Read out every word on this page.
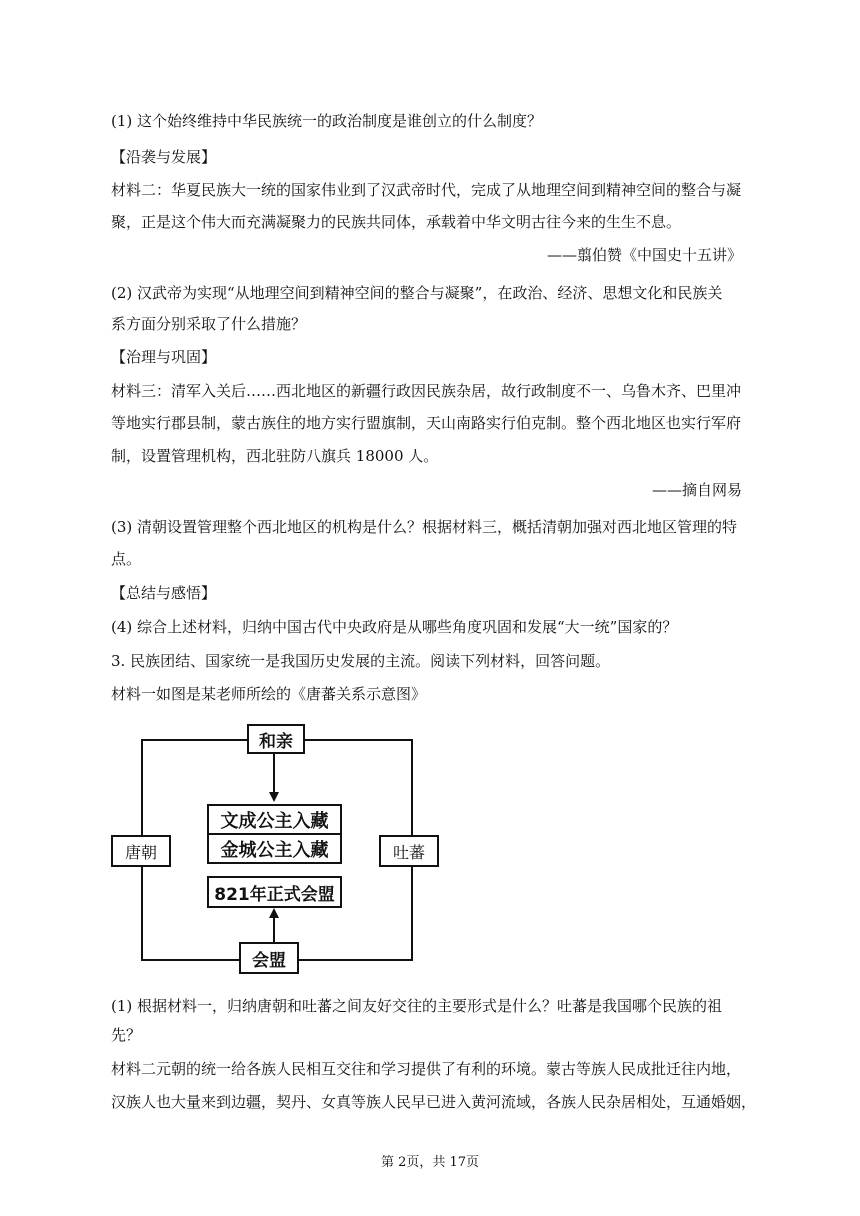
(1) 这个始终维持中华民族统一的政治制度是谁创立的什么制度？
【沿袭与发展】
材料二：华夏民族大一统的国家伟业到了汉武帝时代，完成了从地理空间到精神空间的整合与凝
聚，正是这个伟大而充满凝聚力的民族共同体，承载着中华文明古往今来的生生不息。
——翦伯赞《中国史十五讲》
(2) 汉武帝为实现“从地理空间到精神空间的整合与凝聚”，在政治、经济、思想文化和民族关
系方面分别采取了什么措施？
【治理与巩固】
材料三：清军入关后……西北地区的新疆行政因民族杂居，故行政制度不一、乌鲁木齐、巴里冲
等地实行郡县制，蒙古族住的地方实行盟旗制，天山南路实行伯克制。整个西北地区也实行军府
制，设置管理机构，西北驻防八旗兵 18000 人。
——摘自网易
(3) 清朝设置管理整个西北地区的机构是什么？根据材料三，概括清朝加强对西北地区管理的特
点。
【总结与感悟】
(4) 综合上述材料，归纳中国古代中央政府是从哪些角度巩固和发展“大一统”国家的？
3. 民族团结、国家统一是我国历史发展的主流。阅读下列材料，回答问题。
材料一如图是某老师所绘的《唐蕃关系示意图》
和亲
文成公主入藏
金城公主入藏
821年正式会盟
唐朝	吐蕃
会盟
(1) 根据材料一，归纳唐朝和吐蕃之间友好交往的主要形式是什么？吐蕃是我国哪个民族的祖
先？
材料二元朝的统一给各族人民相互交往和学习提供了有利的环境。蒙古等族人民成批迁往内地，
汉族人也大量来到边疆，契丹、女真等族人民早已进入黄河流域，各族人民杂居相处，互通婚姻，
第 2页，共 17页
